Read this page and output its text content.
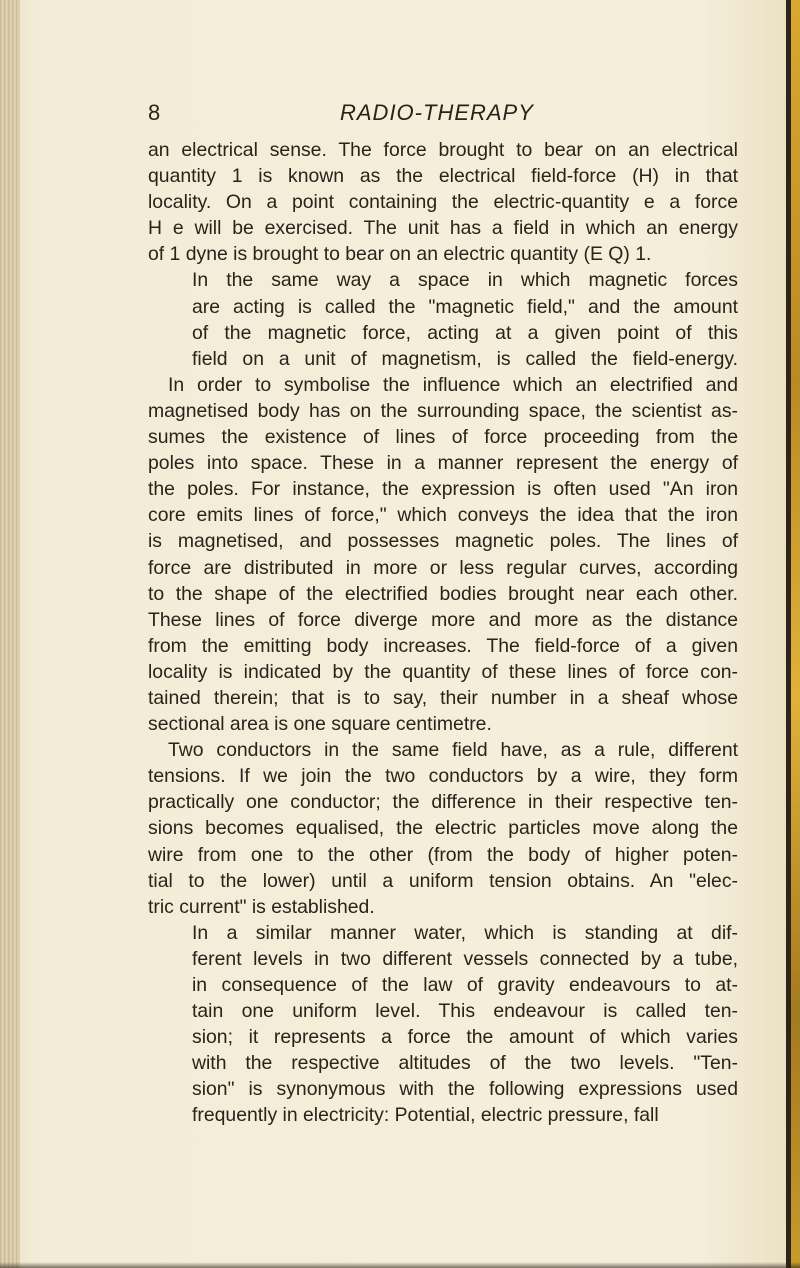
8	RADIO-THERAPY

an electrical sense. The force brought to bear on an electrical

quantity 1 is known as the electrical field-force (H) in that

locality. On a point containing the electric-quantity e a force

H e will be exercised. The unit has a field in which an energy

of 1 dyne is brought to bear on an electric quantity (E Q) 1.

In the same way a space in which magnetic forces

are acting is called the "magnetic field," and the amount

of the magnetic force, acting at a given point of this

field on a unit of magnetism, is called the field-energy.

In order to symbolise the influence which an electrified and

magnetised body has on the surrounding space, the scientist as-

sumes the existence of lines of force proceeding from the

poles into space. These in a manner represent the energy of

the poles. For instance, the expression is often used "An iron

core emits lines of force," which conveys the idea that the iron

is magnetised, and possesses magnetic poles. The lines of

force are distributed in more or less regular curves, according

to the shape of the electrified bodies brought near each other.

These lines of force diverge more and more as the distance

from the emitting body increases. The field-force of a given

locality is indicated by the quantity of these lines of force con-

tained therein; that is to say, their number in a sheaf whose

sectional area is one square centimetre.

Two conductors in the same field have, as a rule, different

tensions. If we join the two conductors by a wire, they form

practically one conductor; the difference in their respective ten-

sions becomes equalised, the electric particles move along the

wire from one to the other (from the body of higher poten-

tial to the lower) until a uniform tension obtains. An "elec-

tric current" is established.

In a similar manner water, which is standing at dif-

ferent levels in two different vessels connected by a tube,

in consequence of the law of gravity endeavours to at-

tain one uniform level. This endeavour is called ten-

sion; it represents a force the amount of which varies

with the respective altitudes of the two levels. "Ten-

sion" is synonymous with the following expressions used

frequently in electricity: Potential, electric pressure, fall
